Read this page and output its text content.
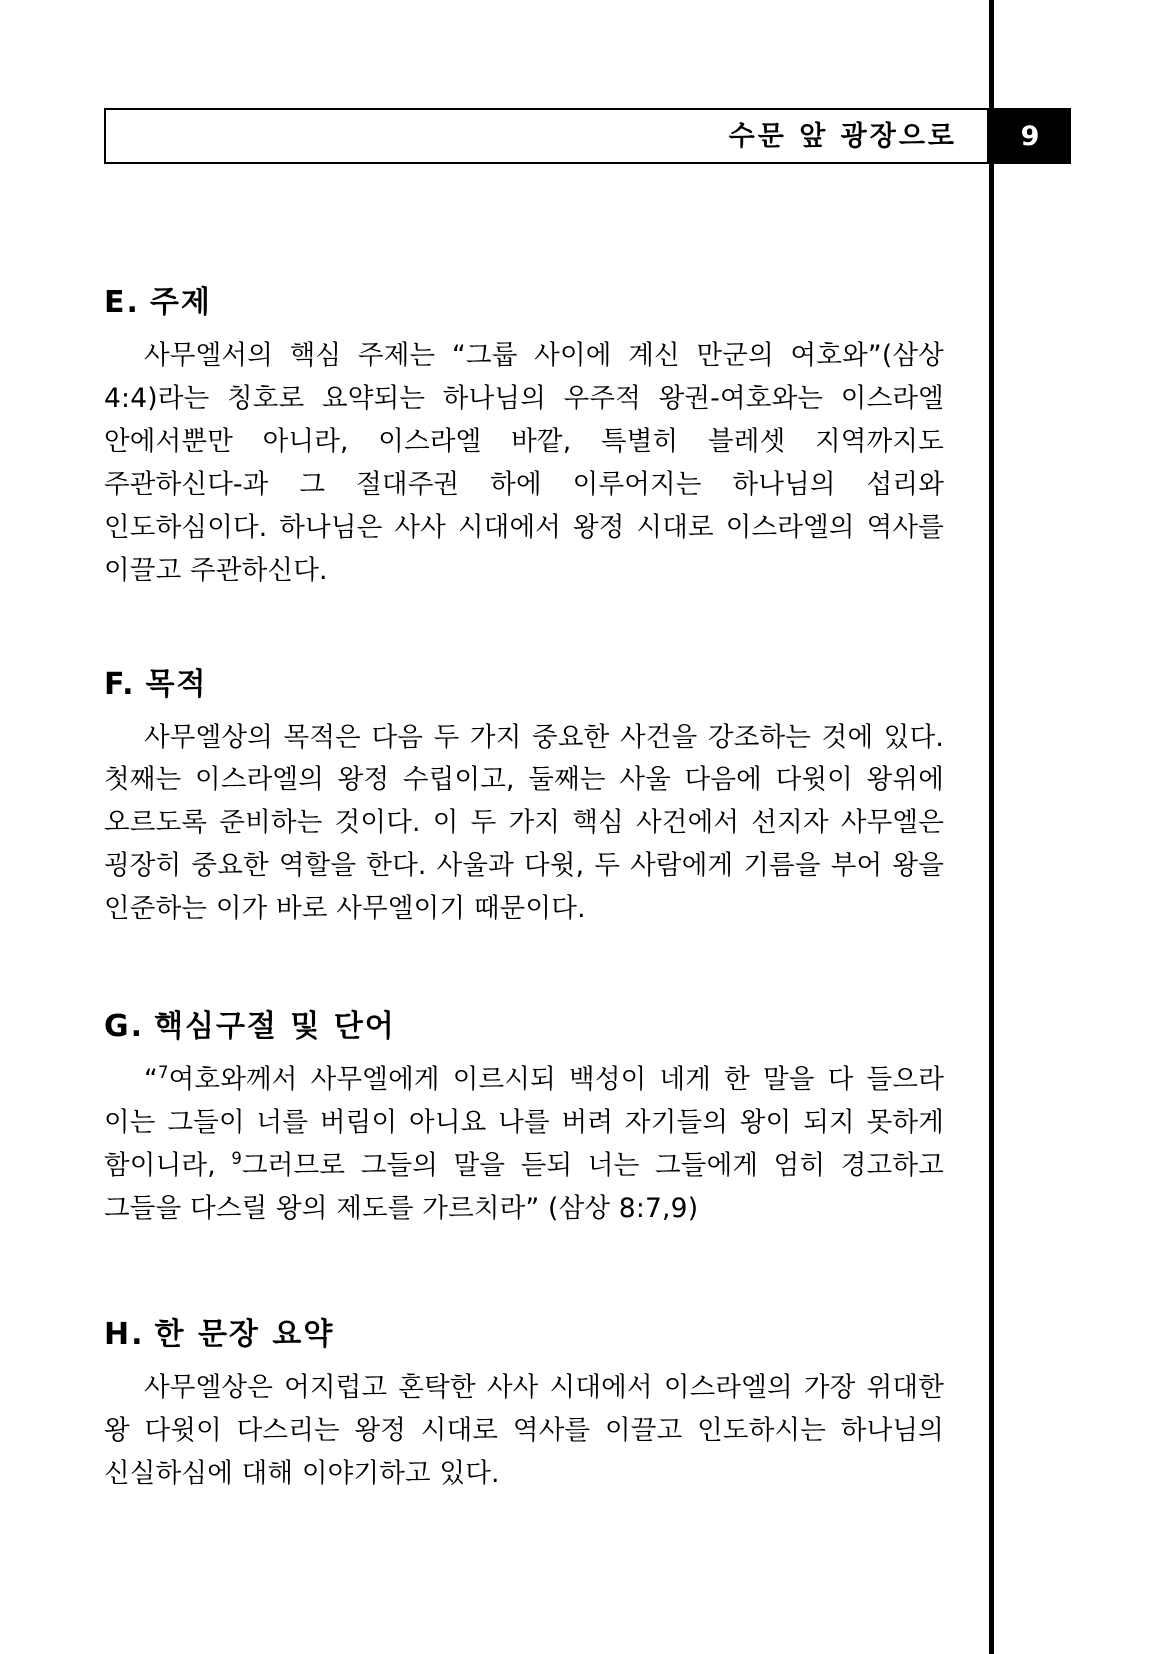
수문 앞 광장으로	9
E. 주제

사무엘서의 핵심 주제는 “그룹 사이에 계신 만군의 여호와”(삼상 4:4)라는 칭호로 요약되는 하나님의 우주적 왕권-여호와는 이스라엘 안에서뿐만 아니라, 이스라엘 바깥, 특별히 블레셋 지역까지도 주관하신다-과 그 절대주권 하에 이루어지는 하나님의 섭리와 인도하심이다. 하나님은 사사 시대에서 왕정 시대로 이스라엘의 역사를 이끌고 주관하신다.

F. 목적

사무엘상의 목적은 다음 두 가지 중요한 사건을 강조하는 것에 있다. 첫째는 이스라엘의 왕정 수립이고, 둘째는 사울 다음에 다윗이 왕위에 오르도록 준비하는 것이다. 이 두 가지 핵심 사건에서 선지자 사무엘은 굉장히 중요한 역할을 한다. 사울과 다윗, 두 사람에게 기름을 부어 왕을 인준하는 이가 바로 사무엘이기 때문이다.

G. 핵심구절 및 단어

“$^7$여호와께서 사무엘에게 이르시되 백성이 네게 한 말을 다 들으라 이는 그들이 너를 버림이 아니요 나를 버려 자기들의 왕이 되지 못하게 함이니라, $^9$그러므로 그들의 말을 듣되 너는 그들에게 엄히 경고하고 그들을 다스릴 왕의 제도를 가르치라” (삼상 8:7,9)

H. 한 문장 요약

사무엘상은 어지럽고 혼탁한 사사 시대에서 이스라엘의 가장 위대한 왕 다윗이 다스리는 왕정 시대로 역사를 이끌고 인도하시는 하나님의 신실하심에 대해 이야기하고 있다.
